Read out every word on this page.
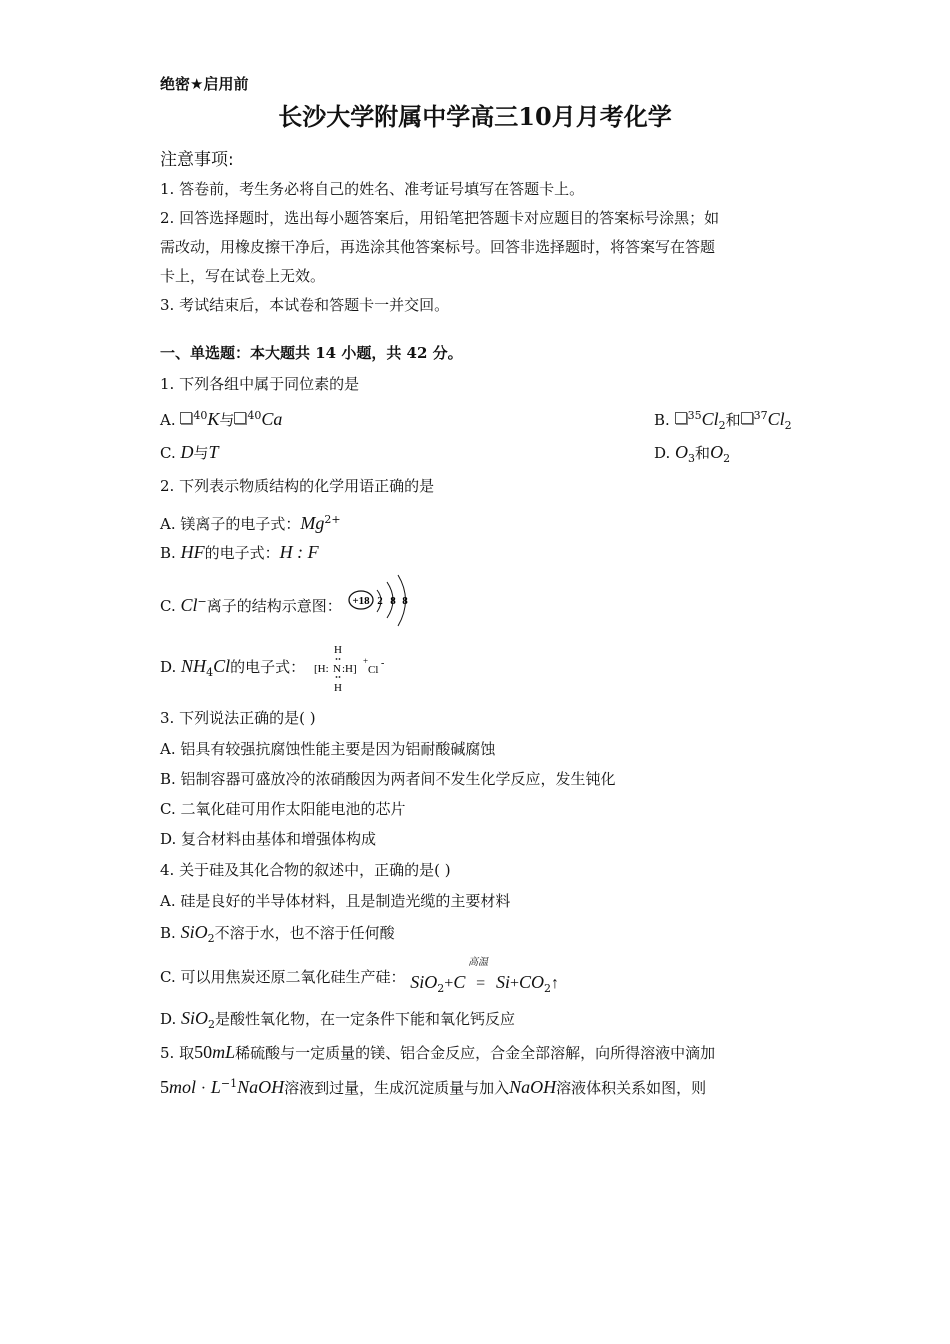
绝密★启用前
长沙大学附属中学高三10月月考化学
注意事项:
1. 答卷前，考生务必将自己的姓名、准考证号填写在答题卡上。
2. 回答选择题时，选出每小题答案后，用铅笔把答题卡对应题目的答案标号涂黑；如
需改动，用橡皮擦干净后，再选涂其他答案标号。回答非选择题时，将答案写在答题
卡上，写在试卷上无效。
3. 考试结束后，本试卷和答题卡一并交回。
一、单选题：本大题共 14 小题，共 42 分。
1. 下列各组中属于同位素的是
A. $^{40}$K与 $^{40}$Ca	B. $^{35}Cl_2$和 $^{37}Cl_2$
C. D与T	D. $O_3$和$O_2$
2. 下列表示物质结构的化学用语正确的是
A. 镁离子的电子式：$Mg^{2+}$
B. HF的电子式：H : F
C. Cl−离子的结构示意图： +18 2 8 8
D. $NH_4Cl$的电子式： [H: N :H]
H
H
+
Cl
-
3. 下列说法正确的是( )
A. 铝具有较强抗腐蚀性能主要是因为铝耐酸碱腐蚀
B. 铝制容器可盛放冷的浓硝酸因为两者间不发生化学反应，发生钝化
C. 二氧化硅可用作太阳能电池的芯片
D. 复合材料由基体和增强体构成
4. 关于硅及其化合物的叙述中，正确的是( )
A. 硅是良好的半导体材料，且是制造光缆的主要材料
B. SiO$_2$不溶于水，也不溶于任何酸
C. 可以用焦炭还原二氧化硅生产硅： SiO$_2$+C
高温
= $Si+CO_2↑$
D. SiO$_2$是酸性氧化物，在一定条件下能和氧化钙反应
5. 取50mL稀硫酸与一定质量的镁、铝合金反应，合金全部溶解，向所得溶液中滴加
$5mol \cdot L^{-1}NaOH$溶液到过量，生成沉淀质量与加入NaOH溶液体积关系如图，则
